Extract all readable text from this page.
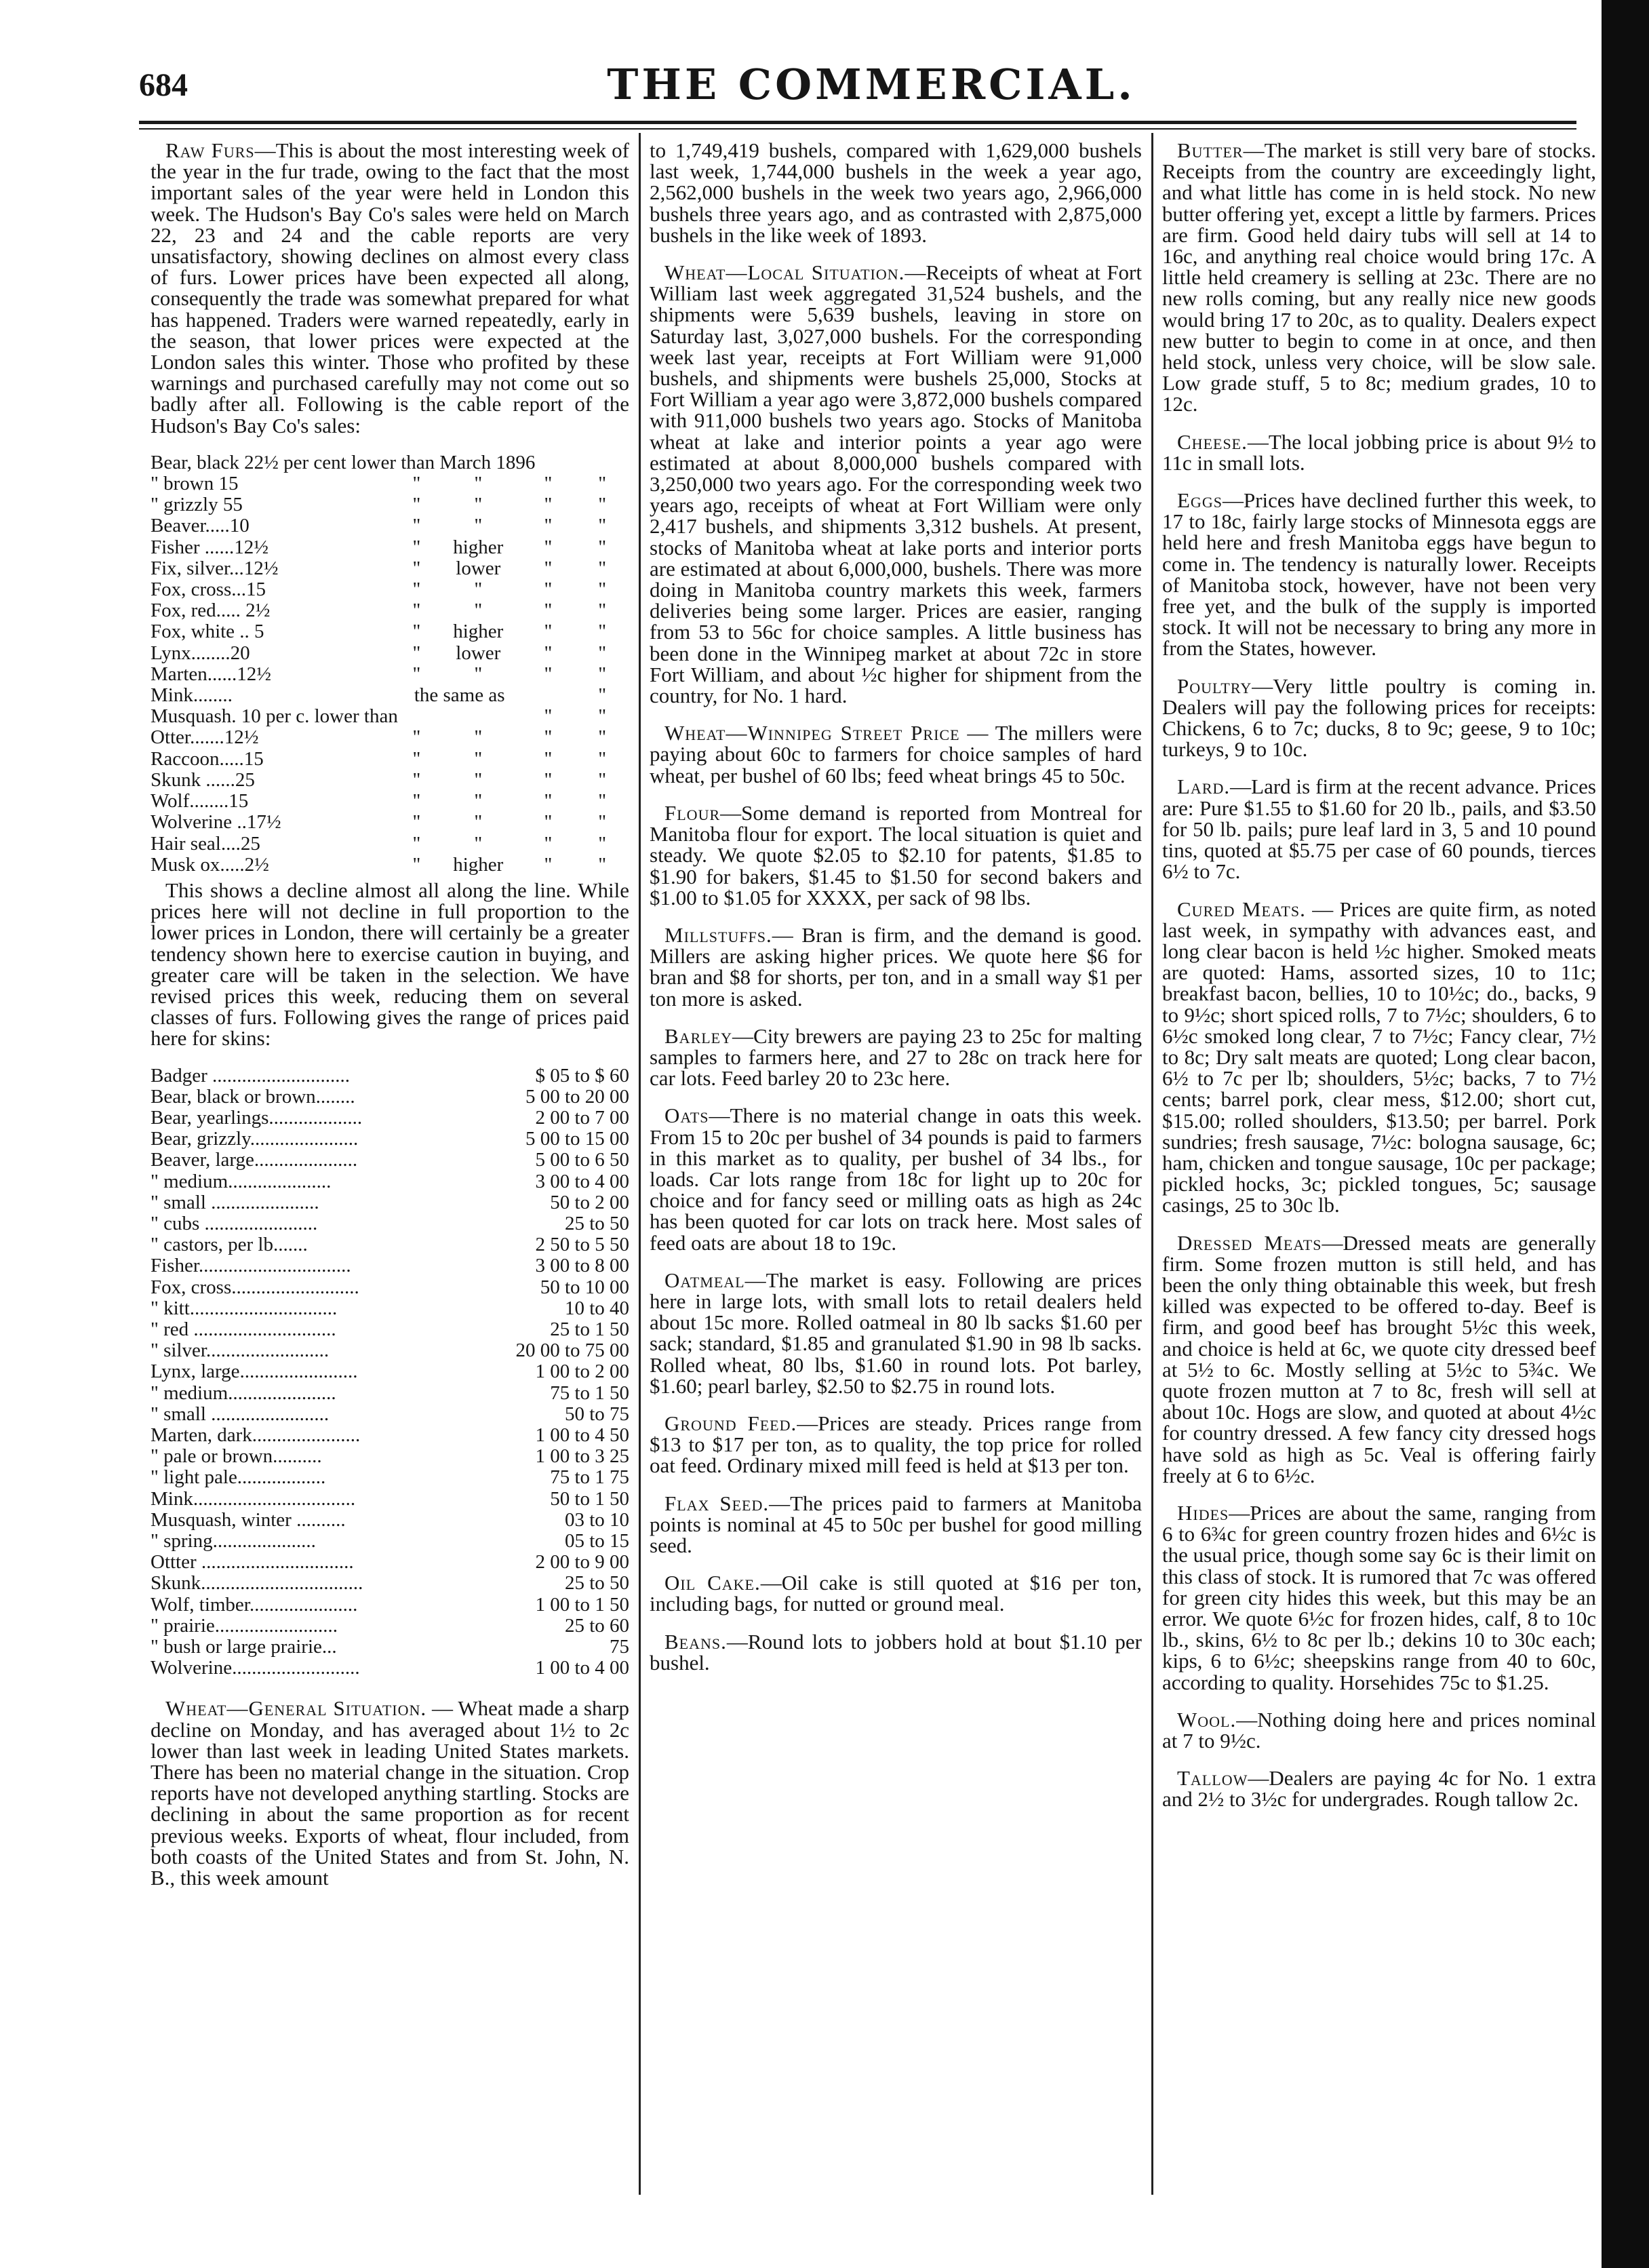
684	THE COMMERCIAL.

Raw Furs—This is about the most interesting week of the year in the fur trade, owing to the fact that the most important sales of the year were held in London this week. The Hudson's Bay Co's sales were held on March 22, 23 and 24 and the cable reports are very unsatisfactory, showing declines on almost every class of furs. Lower prices have been expected all along, consequently the trade was somewhat prepared for what has happened. Traders were warned repeatedly, early in the season, that lower prices were expected at the London sales this winter. Those who profited by these warnings and purchased carefully may not come out so badly after all. Following is the cable report of the Hudson's Bay Co's sales:

Bear, black 22½ per cent lower than March 1896				
" brown 15	"	"	"	"
" grizzly 55	"	"	"	"
Beaver.....10	"	"	"	"
Fisher ......12½	"	higher	"	"
Fix, silver...12½	"	lower	"	"
Fox, cross...15	"	"	"	"
Fox, red..... 2½	"	"	"	"
Fox, white .. 5	"	higher	"	"
Lynx........20	"	lower	"	"
Marten......12½	"	"	"	"
Mink........	the same as			"
Musquash. 10 per c. lower than			"	"
Otter.......12½	"	"	"	"
Raccoon.....15	"	"	"	"
Skunk ......25	"	"	"	"
Wolf........15	"	"	"	"
Wolverine ..17½	"	"	"	"
Hair seal....25	"	"	"	"
Musk ox.....2½	"	higher	"	"

This shows a decline almost all along the line. While prices here will not decline in full proportion to the lower prices in London, there will certainly be a greater tendency shown here to exercise caution in buying, and greater care will be taken in the selection. We have revised prices this week, reducing them on several classes of furs. Following gives the range of prices paid here for skins:

Badger ............................	$ 05 to $ 60
Bear, black or brown........	5 00 to 20 00
Bear, yearlings...................	2 00 to 7 00
Bear, grizzly......................	5 00 to 15 00
Beaver, large.....................	5 00 to 6 50
" medium.....................	3 00 to 4 00
" small ......................	50 to 2 00
" cubs .......................	25 to 50
" castors, per lb.......	2 50 to 5 50
Fisher...............................	3 00 to 8 00
Fox, cross..........................	50 to 10 00
" kitt..............................	10 to 40
" red .............................	25 to 1 50
" silver.........................	20 00 to 75 00
Lynx, large........................	1 00 to 2 00
" medium......................	75 to 1 50
" small ........................	50 to 75
Marten, dark......................	1 00 to 4 50
" pale or brown..........	1 00 to 3 25
" light pale..................	75 to 1 75
Mink.................................	50 to 1 50
Musquash, winter ..........	03 to 10
" spring.....................	05 to 15
Ottter ...............................	2 00 to 9 00
Skunk.................................	25 to 50
Wolf, timber......................	1 00 to 1 50
" prairie.........................	25 to 60
" bush or large prairie...	75
Wolverine..........................	1 00 to 4 00

Wheat—General Situation. — Wheat made a sharp decline on Monday, and has averaged about 1½ to 2c lower than last week in leading United States markets. There has been no material change in the situation. Crop reports have not developed anything startling. Stocks are declining in about the same proportion as for recent previous weeks. Exports of wheat, flour included, from both coasts of the United States and from St. John, N. B., this week amount

to 1,749,419 bushels, compared with 1,629,000 bushels last week, 1,744,000 bushels in the week a year ago, 2,562,000 bushels in the week two years ago, 2,966,000 bushels three years ago, and as contrasted with 2,875,000 bushels in the like week of 1893.

Wheat—Local Situation.—Receipts of wheat at Fort William last week aggregated 31,524 bushels, and the shipments were 5,639 bushels, leaving in store on Saturday last, 3,027,000 bushels. For the corresponding week last year, receipts at Fort William were 91,000 bushels, and shipments were bushels 25,000, Stocks at Fort William a year ago were 3,872,000 bushels compared with 911,000 bushels two years ago. Stocks of Manitoba wheat at lake and interior points a year ago were estimated at about 8,000,000 bushels compared with 3,250,000 two years ago. For the corresponding week two years ago, receipts of wheat at Fort William were only 2,417 bushels, and shipments 3,312 bushels. At present, stocks of Manitoba wheat at lake ports and interior ports are estimated at about 6,000,000, bushels. There was more doing in Manitoba country markets this week, farmers deliveries being some larger. Prices are easier, ranging from 53 to 56c for choice samples. A little business has been done in the Winnipeg market at about 72c in store Fort William, and about ½c higher for shipment from the country, for No. 1 hard.

Wheat—Winnipeg Street Price — The millers were paying about 60c to farmers for choice samples of hard wheat, per bushel of 60 lbs; feed wheat brings 45 to 50c.

Flour—Some demand is reported from Montreal for Manitoba flour for export. The local situation is quiet and steady. We quote $2.05 to $2.10 for patents, $1.85 to $1.90 for bakers, $1.45 to $1.50 for second bakers and $1.00 to $1.05 for XXXX, per sack of 98 lbs.

Millstuffs.— Bran is firm, and the demand is good. Millers are asking higher prices. We quote here $6 for bran and $8 for shorts, per ton, and in a small way $1 per ton more is asked.

Barley—City brewers are paying 23 to 25c for malting samples to farmers here, and 27 to 28c on track here for car lots. Feed barley 20 to 23c here.

Oats—There is no material change in oats this week. From 15 to 20c per bushel of 34 pounds is paid to farmers in this market as to quality, per bushel of 34 lbs., for loads. Car lots range from 18c for light up to 20c for choice and for fancy seed or milling oats as high as 24c has been quoted for car lots on track here. Most sales of feed oats are about 18 to 19c.

Oatmeal—The market is easy. Following are prices here in large lots, with small lots to retail dealers held about 15c more. Rolled oatmeal in 80 lb sacks $1.60 per sack; standard, $1.85 and granulated $1.90 in 98 lb sacks. Rolled wheat, 80 lbs, $1.60 in round lots. Pot barley, $1.60; pearl barley, $2.50 to $2.75 in round lots.

Ground Feed.—Prices are steady. Prices range from $13 to $17 per ton, as to quality, the top price for rolled oat feed. Ordinary mixed mill feed is held at $13 per ton.

Flax Seed.—The prices paid to farmers at Manitoba points is nominal at 45 to 50c per bushel for good milling seed.

Oil Cake.—Oil cake is still quoted at $16 per ton, including bags, for nutted or ground meal.

Beans.—Round lots to jobbers hold at bout $1.10 per bushel.

Butter—The market is still very bare of stocks. Receipts from the country are exceedingly light, and what little has come in is held stock. No new butter offering yet, except a little by farmers. Prices are firm. Good held dairy tubs will sell at 14 to 16c, and anything real choice would bring 17c. A little held creamery is selling at 23c. There are no new rolls coming, but any really nice new goods would bring 17 to 20c, as to quality. Dealers expect new butter to begin to come in at once, and then held stock, unless very choice, will be slow sale. Low grade stuff, 5 to 8c; medium grades, 10 to 12c.

Cheese.—The local jobbing price is about 9½ to 11c in small lots.

Eggs—Prices have declined further this week, to 17 to 18c, fairly large stocks of Minnesota eggs are held here and fresh Manitoba eggs have begun to come in. The tendency is naturally lower. Receipts of Manitoba stock, however, have not been very free yet, and the bulk of the supply is imported stock. It will not be necessary to bring any more in from the States, however.

Poultry—Very little poultry is coming in. Dealers will pay the following prices for receipts: Chickens, 6 to 7c; ducks, 8 to 9c; geese, 9 to 10c; turkeys, 9 to 10c.

Lard.—Lard is firm at the recent advance. Prices are: Pure $1.55 to $1.60 for 20 lb., pails, and $3.50 for 50 lb. pails; pure leaf lard in 3, 5 and 10 pound tins, quoted at $5.75 per case of 60 pounds, tierces 6½ to 7c.

Cured Meats. — Prices are quite firm, as noted last week, in sympathy with advances east, and long clear bacon is held ½c higher. Smoked meats are quoted: Hams, assorted sizes, 10 to 11c; breakfast bacon, bellies, 10 to 10½c; do., backs, 9 to 9½c; short spiced rolls, 7 to 7½c; shoulders, 6 to 6½c smoked long clear, 7 to 7½c; Fancy clear, 7½ to 8c; Dry salt meats are quoted; Long clear bacon, 6½ to 7c per lb; shoulders, 5½c; backs, 7 to 7½ cents; barrel pork, clear mess, $12.00; short cut, $15.00; rolled shoulders, $13.50; per barrel. Pork sundries; fresh sausage, 7½c: bologna sausage, 6c; ham, chicken and tongue sausage, 10c per package; pickled hocks, 3c; pickled tongues, 5c; sausage casings, 25 to 30c lb.

Dressed Meats—Dressed meats are generally firm. Some frozen mutton is still held, and has been the only thing obtainable this week, but fresh killed was expected to be offered to-day. Beef is firm, and good beef has brought 5½c this week, and choice is held at 6c, we quote city dressed beef at 5½ to 6c. Mostly selling at 5½c to 5¾c. We quote frozen mutton at 7 to 8c, fresh will sell at about 10c. Hogs are slow, and quoted at about 4½c for country dressed. A few fancy city dressed hogs have sold as high as 5c. Veal is offering fairly freely at 6 to 6½c.

Hides—Prices are about the same, ranging from 6 to 6¾c for green country frozen hides and 6½c is the usual price, though some say 6c is their limit on this class of stock. It is rumored that 7c was offered for green city hides this week, but this may be an error. We quote 6½c for frozen hides, calf, 8 to 10c lb., skins, 6½ to 8c per lb.; dekins 10 to 30c each; kips, 6 to 6½c; sheepskins range from 40 to 60c, according to quality. Horsehides 75c to $1.25.

Wool.—Nothing doing here and prices nominal at 7 to 9½c.

Tallow—Dealers are paying 4c for No. 1 extra and 2½ to 3½c for undergrades. Rough tallow 2c.
